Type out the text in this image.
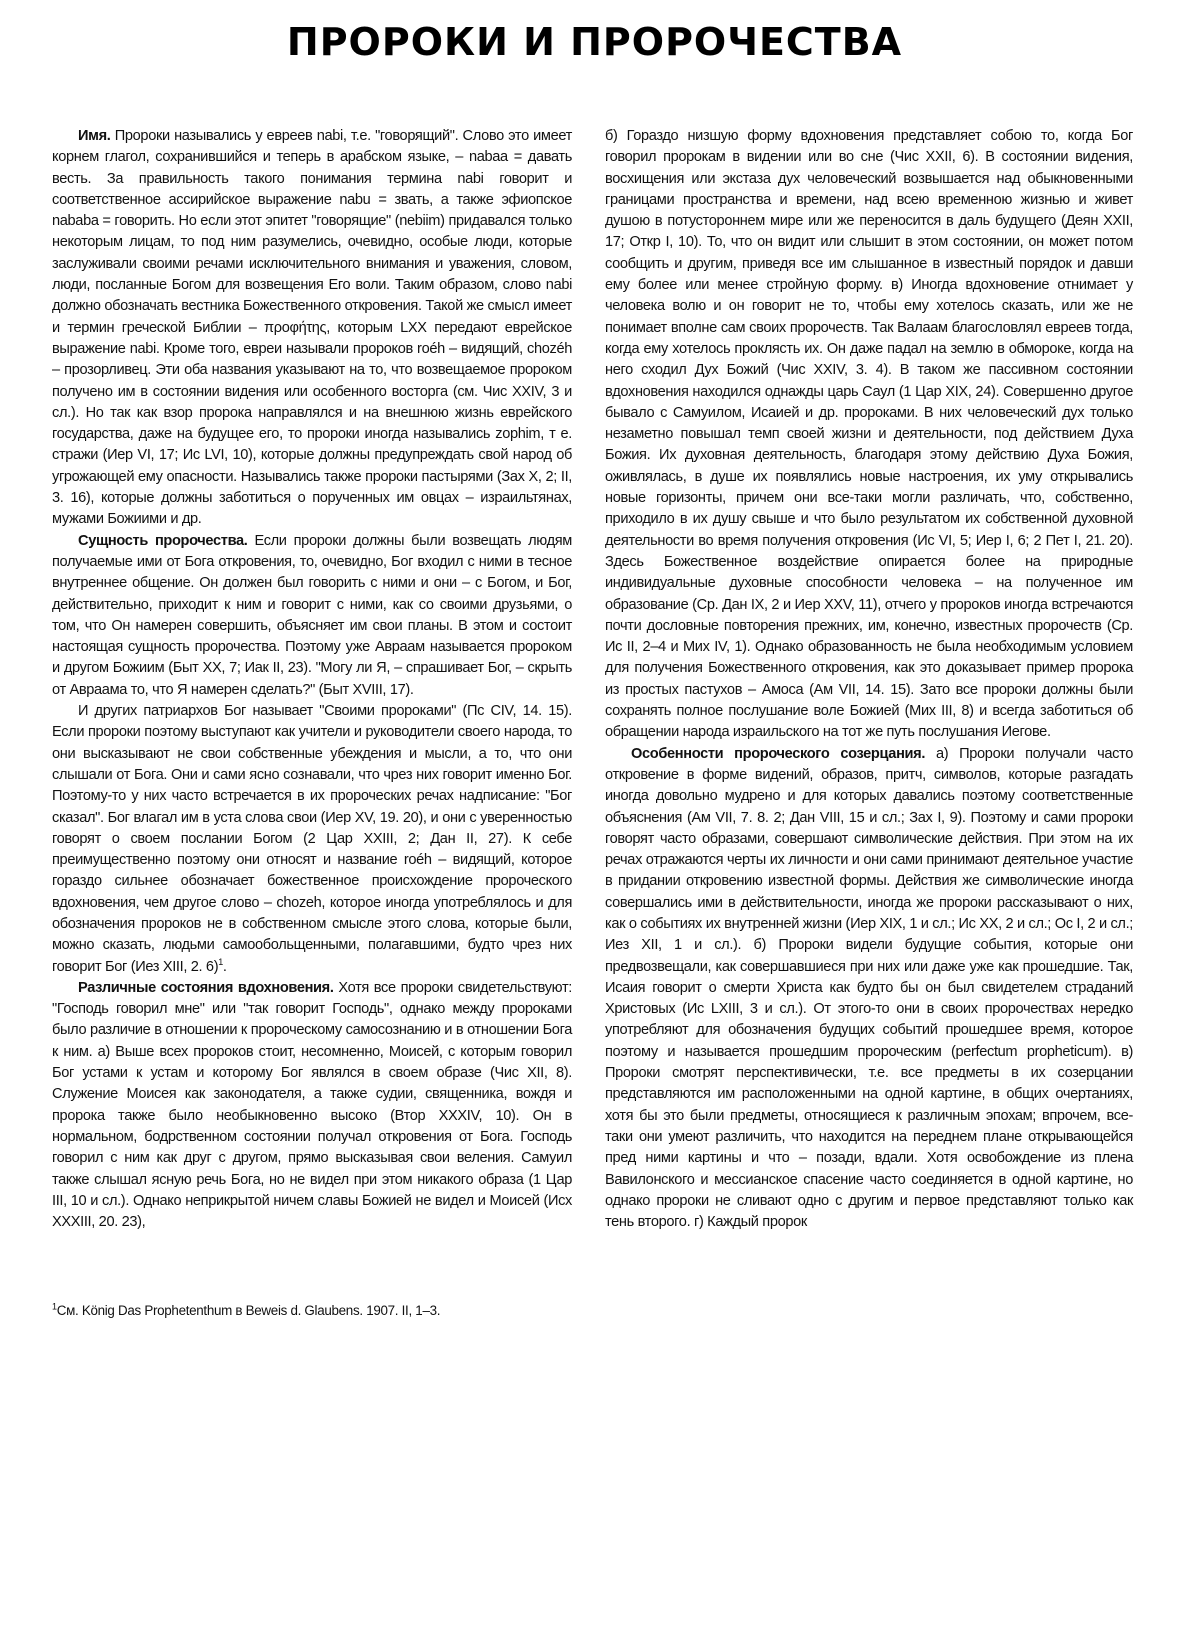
ПРОРОКИ И ПРОРОЧЕСТВА

Имя. Пророки назывались у евреев nabi, т.е. "говорящий". Слово это имеет корнем глагол, сохранившийся и теперь в арабском языке, – nabaa = давать весть. За правильность такого понимания термина nabi говорит и соответственное ассирийское выражение nabu = звать, а также эфиопское nababa = говорить. Но если этот эпитет "говорящие" (nebiim) придавался только некоторым лицам, то под ним разумелись, очевидно, особые люди, которые заслуживали своими речами исключительного внимания и уважения, словом, люди, посланные Богом для возвещения Его воли. Таким образом, слово nabi должно обозначать вестника Божественного откровения. Такой же смысл имеет и термин греческой Библии – προφήτης, которым LXX передают еврейское выражение nabi. Кроме того, евреи называли пророков roéh – видящий, chozéh – прозорливец. Эти оба названия указывают на то, что возвещаемое пророком получено им в состоянии видения или особенного восторга (см. Чис XXIV, 3 и сл.). Но так как взор пророка направлялся и на внешнюю жизнь еврейского государства, даже на будущее его, то пророки иногда назывались zophim, т е. стражи (Иер VI, 17; Ис LVI, 10), которые должны предупреждать свой народ об угрожающей ему опасности. Назывались также пророки пастырями (Зах X, 2; II, 3. 16), которые должны заботиться о порученных им овцах – израильтянах, мужами Божиими и др.

Сущность пророчества. Если пророки должны были возвещать людям получаемые ими от Бога откровения, то, очевидно, Бог входил с ними в тесное внутреннее общение. Он должен был говорить с ними и они – с Богом, и Бог, действительно, приходит к ним и говорит с ними, как со своими друзьями, о том, что Он намерен совершить, объясняет им свои планы. В этом и состоит настоящая сущность пророчества. Поэтому уже Авраам называется пророком и другом Божиим (Быт XX, 7; Иак II, 23). "Могу ли Я, – спрашивает Бог, – скрыть от Авраама то, что Я намерен сделать?" (Быт XVIII, 17).

И других патриархов Бог называет "Своими пророками" (Пс CIV, 14. 15). Если пророки поэтому выступают как учители и руководители своего народа, то они высказывают не свои собственные убеждения и мысли, а то, что они слышали от Бога. Они и сами ясно сознавали, что чрез них говорит именно Бог. Поэтому-то у них часто встречается в их пророческих речах надписание: "Бог сказал". Бог влагал им в уста слова свои (Иер XV, 19. 20), и они с уверенностью говорят о своем послании Богом (2 Цар XXIII, 2; Дан II, 27). К себе преимущественно поэтому они относят и название roéh – видящий, которое гораздо сильнее обозначает божественное происхождение пророческого вдохновения, чем другое слово – chozeh, которое иногда употреблялось и для обозначения пророков не в собственном смысле этого слова, которые были, можно сказать, людьми самообольщенными, полагавшими, будто чрез них говорит Бог (Иез XIII, 2. 6)$^1$.

Различные состояния вдохновения. Хотя все пророки свидетельствуют: "Господь говорил мне" или "так говорит Господь", однако между пророками было различие в отношении к пророческому самосознанию и в отношении Бога к ним. а) Выше всех пророков стоит, несомненно, Моисей, с которым говорил Бог устами к устам и которому Бог являлся в своем образе (Чис XII, 8). Служение Моисея как законодателя, а также судии, священника, вождя и пророка также было необыкновенно высоко (Втор XXXIV, 10). Он в нормальном, бодрственном состоянии получал откровения от Бога. Господь говорил с ним как друг с другом, прямо высказывая свои веления. Самуил также слышал ясную речь Бога, но не видел при этом никакого образа (1 Цар III, 10 и сл.). Однако неприкрытой ничем славы Божией не видел и Моисей (Исх XXXIII, 20. 23),

б) Гораздо низшую форму вдохновения представляет собою то, когда Бог говорил пророкам в видении или во сне (Чис XXII, 6). В состоянии видения, восхищения или экстаза дух человеческий возвышается над обыкновенными границами пространства и времени, над всею временною жизнью и живет душою в потустороннем мире или же переносится в даль будущего (Деян XXII, 17; Откр I, 10). То, что он видит или слышит в этом состоянии, он может потом сообщить и другим, приведя все им слышанное в известный порядок и давши ему более или менее стройную форму. в) Иногда вдохновение отнимает у человека волю и он говорит не то, чтобы ему хотелось сказать, или же не понимает вполне сам своих пророчеств. Так Валаам благословлял евреев тогда, когда ему хотелось проклясть их. Он даже падал на землю в обмороке, когда на него сходил Дух Божий (Чис XXIV, 3. 4). В таком же пассивном состоянии вдохновения находился однажды царь Саул (1 Цар XIX, 24). Совершенно другое бывало с Самуилом, Исаией и др. пророками. В них человеческий дух только незаметно повышал темп своей жизни и деятельности, под действием Духа Божия. Их духовная деятельность, благодаря этому действию Духа Божия, оживлялась, в душе их появлялись новые настроения, их уму открывались новые горизонты, причем они все-таки могли различать, что, собственно, приходило в их душу свыше и что было результатом их собственной духовной деятельности во время получения откровения (Ис VI, 5; Иер I, 6; 2 Пет I, 21. 20). Здесь Божественное воздействие опирается более на природные индивидуальные духовные способности человека – на полученное им образование (Ср. Дан IX, 2 и Иер XXV, 11), отчего у пророков иногда встречаются почти дословные повторения прежних, им, конечно, известных пророчеств (Ср. Ис II, 2–4 и Мих IV, 1). Однако образованность не была необходимым условием для получения Божественного откровения, как это доказывает пример пророка из простых пастухов – Амоса (Ам VII, 14. 15). Зато все пророки должны были сохранять полное послушание воле Божией (Мих III, 8) и всегда заботиться об обращении народа израильского на тот же путь послушания Иегове.

Особенности пророческого созерцания. а) Пророки получали часто откровение в форме видений, образов, притч, символов, которые разгадать иногда довольно мудрено и для которых давались поэтому соответственные объяснения (Ам VII, 7. 8. 2; Дан VIII, 15 и сл.; Зах I, 9). Поэтому и сами пророки говорят часто образами, совершают символические действия. При этом на их речах отражаются черты их личности и они сами принимают деятельное участие в придании откровению известной формы. Действия же символические иногда совершались ими в действительности, иногда же пророки рассказывают о них, как о событиях их внутренней жизни (Иер XIX, 1 и сл.; Ис XX, 2 и сл.; Ос I, 2 и сл.; Иез XII, 1 и сл.). б) Пророки видели будущие события, которые они предвозвещали, как совершавшиеся при них или даже уже как прошедшие. Так, Исаия говорит о смерти Христа как будто бы он был свидетелем страданий Христовых (Ис LXIII, 3 и сл.). От этого-то они в своих пророчествах нередко употребляют для обозначения будущих событий прошедшее время, которое поэтому и называется прошедшим пророческим (perfectum propheticum). в) Пророки смотрят перспективически, т.е. все предметы в их созерцании представляются им расположенными на одной картине, в общих очертаниях, хотя бы это были предметы, относящиеся к различным эпохам; впрочем, все-таки они умеют различить, что находится на переднем плане открывающейся пред ними картины и что – позади, вдали. Хотя освобождение из плена Вавилонского и мессианское спасение часто соединяется в одной картине, но однако пророки не сливают одно с другим и первое представляют только как тень второго. г) Каждый пророк

$^1$См. König Das Prophetenthum в Beweis d. Glaubens. 1907. II, 1–3.
